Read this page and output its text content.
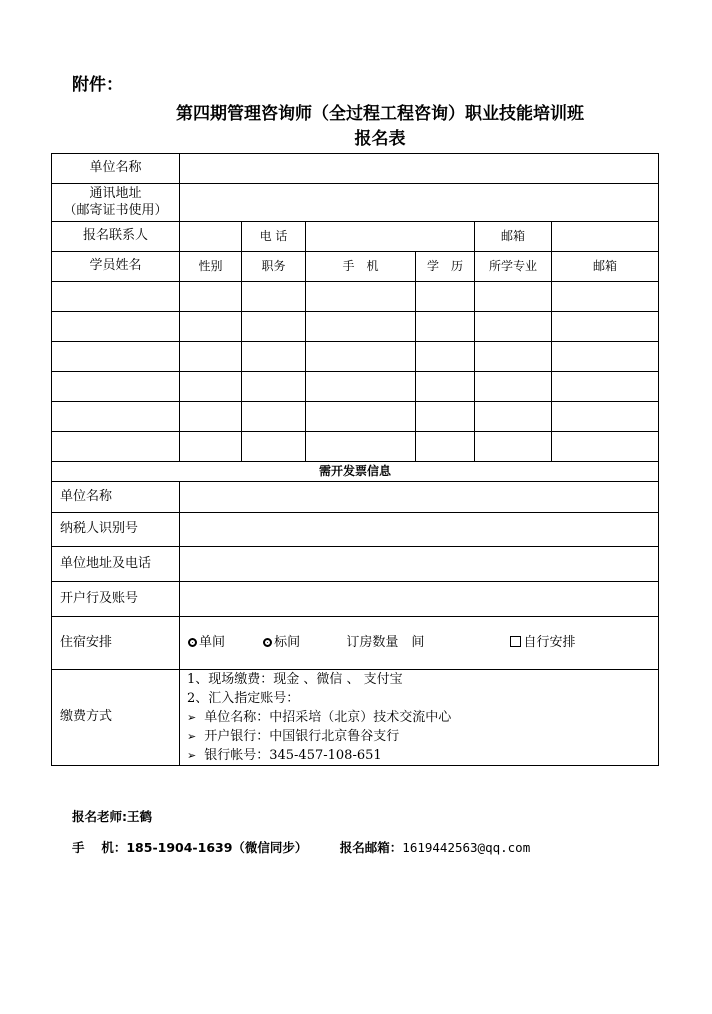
附件：
第四期管理咨询师（全过程工程咨询）职业技能培训班
报名表
单位名称						
通讯地址
（邮寄证书使用）						
报名联系人		电 话			邮箱	
学员姓名	性别	职务	手　机	学　历	所学专业	邮箱

需开发票信息						
单位名称						
纳税人识别号						
单位地址及电话						
开户行及账号						
住宿安排	单间 标间 订房数量　间 自行安排					
缴费方式	1、现场缴费：现金 、微信 、 支付宝
2、汇入指定账号：
➢ 单位名称：中招采培（北京）技术交流中心
➢ 开户银行：中国银行北京鲁谷支行
➢ 银行帐号：345-457-108-651					
报名老师:王鹤
手　 机：185-1904-1639（微信同步）	报名邮箱：1619442563@qq.com
